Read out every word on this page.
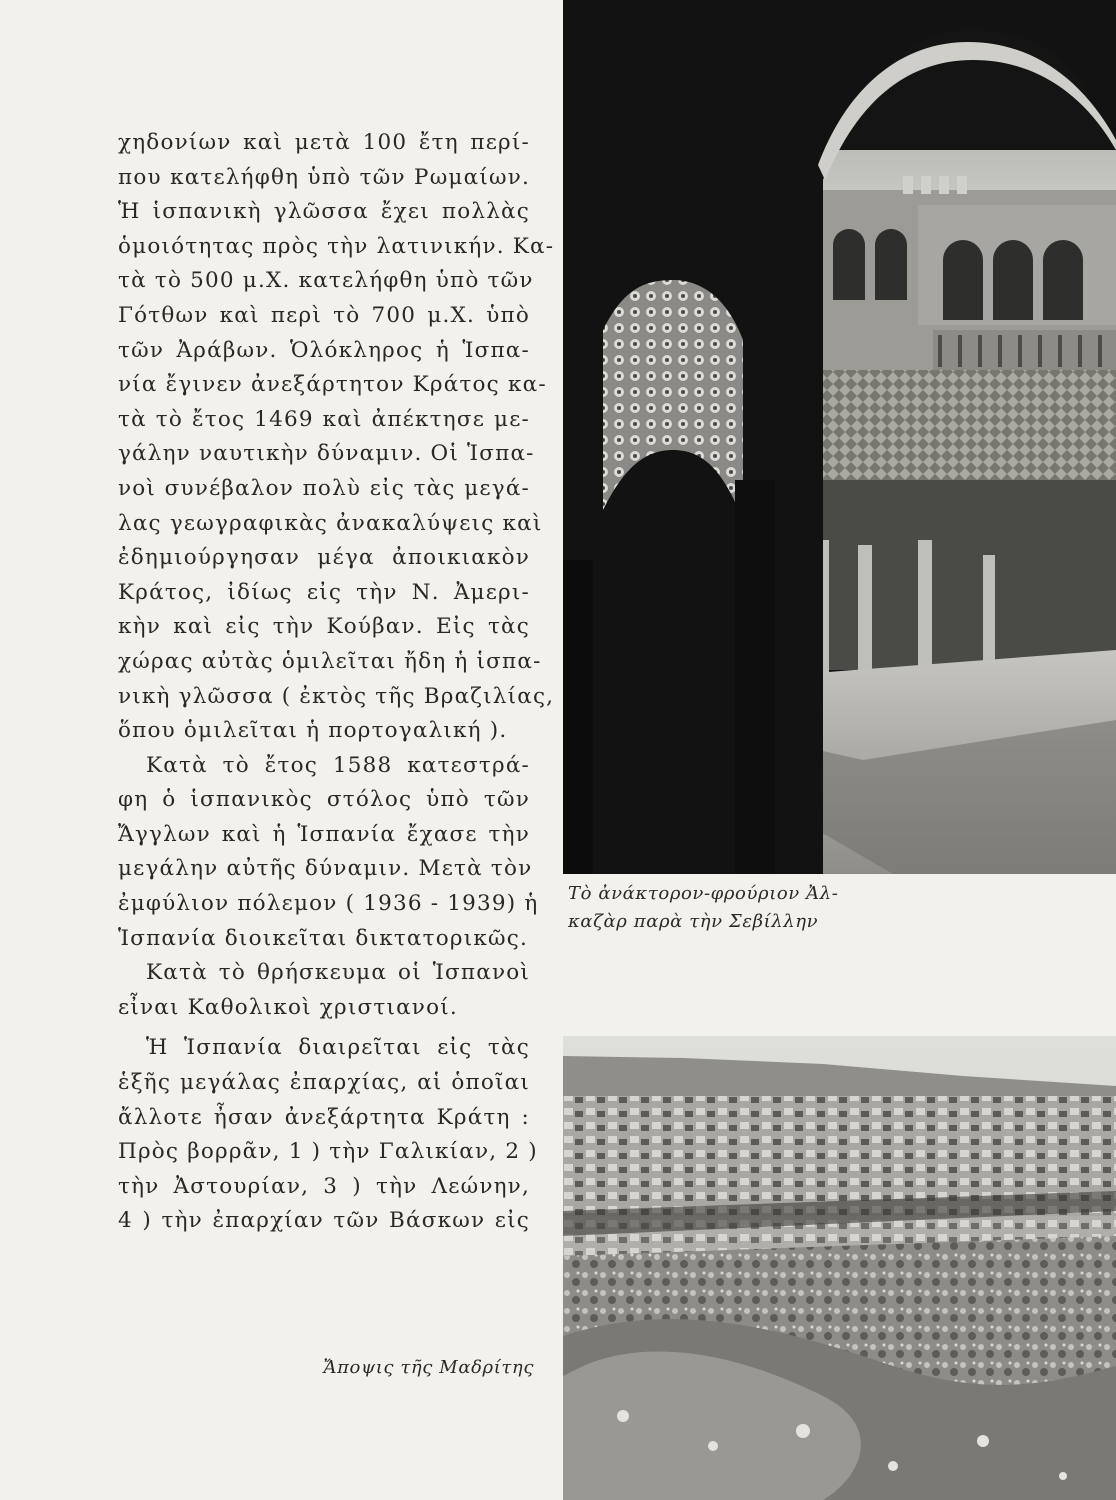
χηδονίων καὶ μετὰ 100 ἔτη περί-
που κατελήφθη ὑπὸ τῶν Ρωμαίων.
Ἡ ἱσπανικὴ γλῶσσα ἔχει πολλὰς
ὁμοιότητας πρὸς τὴν λατινικήν. Κα-
τὰ τὸ 500 μ.Χ. κατελήφθη ὑπὸ τῶν
Γότθων καὶ περὶ τὸ 700 μ.Χ. ὑπὸ
τῶν Ἀράβων. Ὁλόκληρος ἡ Ἱσπα-
νία ἔγινεν ἀνεξάρτητον Κράτος κα-
τὰ τὸ ἔτος 1469 καὶ ἀπέκτησε με-
γάλην ναυτικὴν δύναμιν. Οἱ Ἱσπα-
νοὶ συνέβαλον πολὺ εἰς τὰς μεγά-
λας γεωγραφικὰς ἀνακαλύψεις καὶ
ἐδημιούργησαν μέγα ἀποικιακὸν
Κράτος, ἰδίως εἰς τὴν Ν. Ἀμερι-
κὴν καὶ εἰς τὴν Κούβαν. Εἰς τὰς
χώρας αὐτὰς ὁμιλεῖται ἤδη ἡ ἱσπα-
νικὴ γλῶσσα ( ἐκτὸς τῆς Βραζιλίας,
ὅπου ὁμιλεῖται ἡ πορτογαλική ).
Κατὰ τὸ ἔτος 1588 κατεστρά-
φη ὁ ἱσπανικὸς στόλος ὑπὸ τῶν
Ἄγγλων καὶ ἡ Ἱσπανία ἔχασε τὴν
μεγάλην αὐτῆς δύναμιν. Μετὰ τὸν
ἐμφύλιον πόλεμον ( 1936 - 1939) ἡ
Ἱσπανία διοικεῖται δικτατορικῶς.
Κατὰ τὸ θρήσκευμα οἱ Ἱσπανοὶ
εἶναι Καθολικοὶ χριστιανοί.
Ἡ Ἱσπανία διαιρεῖται εἰς τὰς
ἑξῆς μεγάλας ἐπαρχίας, αἱ ὁποῖαι
ἄλλοτε ἦσαν ἀνεξάρτητα Κράτη :
Πρὸς βορρᾶν, 1 ) τὴν Γαλικίαν, 2 )
τὴν Ἀστουρίαν, 3 ) τὴν Λεώνην,
4 ) τὴν ἐπαρχίαν τῶν Βάσκων εἰς
Τὸ ἀνάκτορον-φρούριον Ἀλ-
καζὰρ παρὰ τὴν Σεβίλλην
Ἄποψις τῆς Μαδρίτης
